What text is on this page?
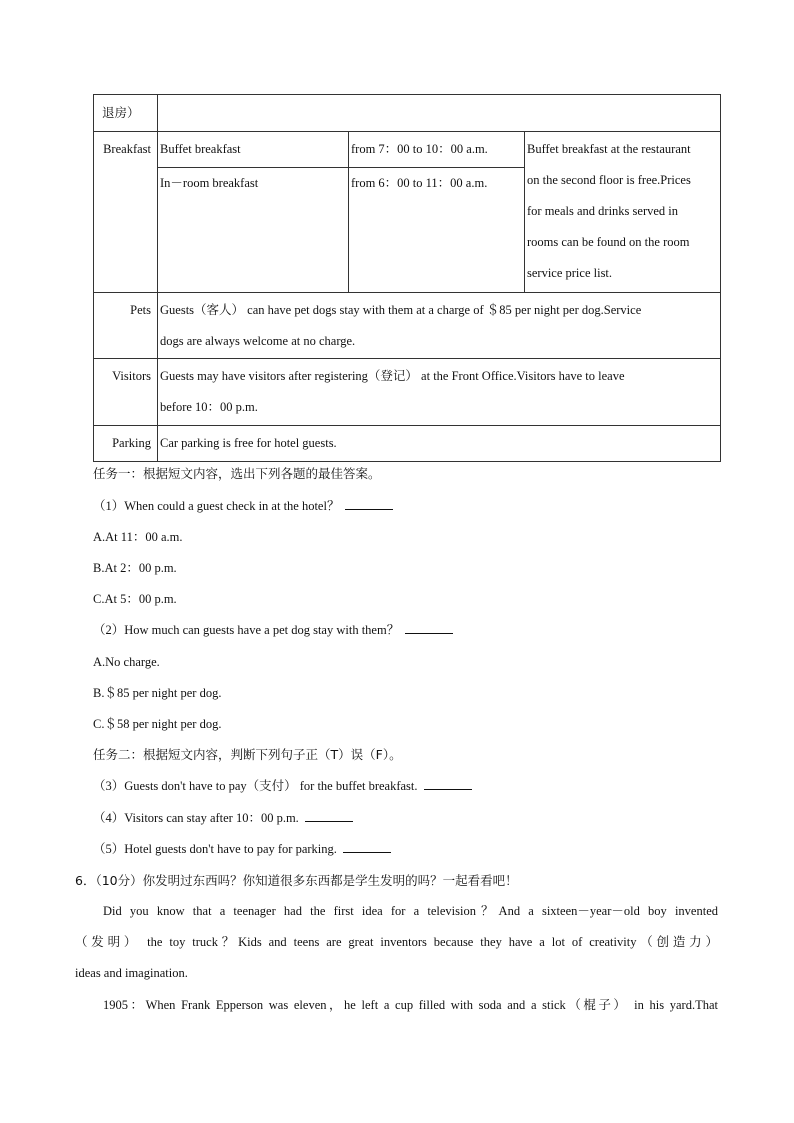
退房）			
Breakfast	Buffet breakfast	from 7：00 to 10：00 a.m.	Buffet breakfast at the restaurant
on the second floor is free.Prices
for meals and drinks served in
rooms can be found on the room
service price list.

	In－room breakfast	from 6：00 to 11：00 a.m.	
Pets	Guests（客人） can have pet dogs stay with them at a charge of ＄85 per night per dog.Service
dogs are always welcome at no charge.		

Visitors	Guests may have visitors after registering（登记） at the Front Office.Visitors have to leave
before 10：00 p.m.		

Parking	Car parking is free for hotel guests.		
任务一：根据短文内容，选出下列各题的最佳答案。
（1）When could a guest check in at the hotel？
A.At 11：00 a.m.
B.At 2：00 p.m.
C.At 5：00 p.m.
（2）How much can guests have a pet dog stay with them？
A.No charge.
B.＄85 per night per dog.
C.＄58 per night per dog.
任务二：根据短文内容，判断下列句子正（T）误（F）。
（3）Guests don't have to pay（支付） for the buffet breakfast.
（4）Visitors can stay after 10：00 p.m.
（5）Hotel guests don't have to pay for parking.
6．（10分）你发明过东西吗？你知道很多东西都是学生发明的吗？一起看看吧！
Did you know that a teenager had the first idea for a television？And a sixteen－year－old boy invented
（发明） the toy truck？Kids and teens are great inventors because they have a lot of creativity（创造力）
ideas and imagination.
1905：When Frank Epperson was eleven，he left a cup filled with soda and a stick（棍子） in his yard.That
